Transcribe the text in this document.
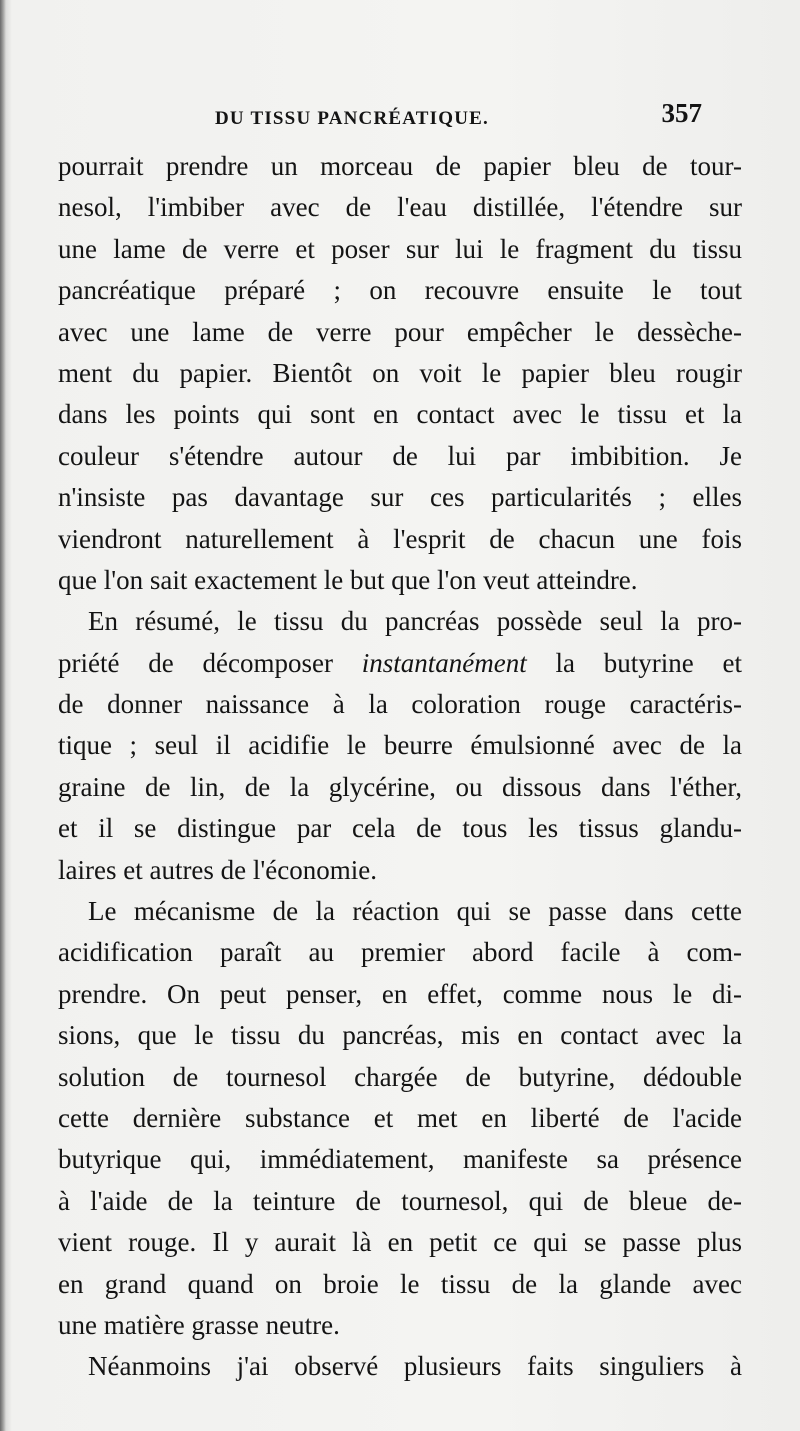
DU TISSU PANCRÉATIQUE.	357
pourrait prendre un morceau de papier bleu de tour-
nesol, l'imbiber avec de l'eau distillée, l'étendre sur
une lame de verre et poser sur lui le fragment du tissu
pancréatique préparé ; on recouvre ensuite le tout
avec une lame de verre pour empêcher le dessèche-
ment du papier. Bientôt on voit le papier bleu rougir
dans les points qui sont en contact avec le tissu et la
couleur s'étendre autour de lui par imbibition. Je
n'insiste pas davantage sur ces particularités ; elles
viendront naturellement à l'esprit de chacun une fois
que l'on sait exactement le but que l'on veut atteindre.
En résumé, le tissu du pancréas possède seul la pro-
priété de décomposer instantanément la butyrine et
de donner naissance à la coloration rouge caractéris-
tique ; seul il acidifie le beurre émulsionné avec de la
graine de lin, de la glycérine, ou dissous dans l'éther,
et il se distingue par cela de tous les tissus glandu-
laires et autres de l'économie.
Le mécanisme de la réaction qui se passe dans cette
acidification paraît au premier abord facile à com-
prendre. On peut penser, en effet, comme nous le di-
sions, que le tissu du pancréas, mis en contact avec la
solution de tournesol chargée de butyrine, dédouble
cette dernière substance et met en liberté de l'acide
butyrique qui, immédiatement, manifeste sa présence
à l'aide de la teinture de tournesol, qui de bleue de-
vient rouge. Il y aurait là en petit ce qui se passe plus
en grand quand on broie le tissu de la glande avec
une matière grasse neutre.
Néanmoins j'ai observé plusieurs faits singuliers à
